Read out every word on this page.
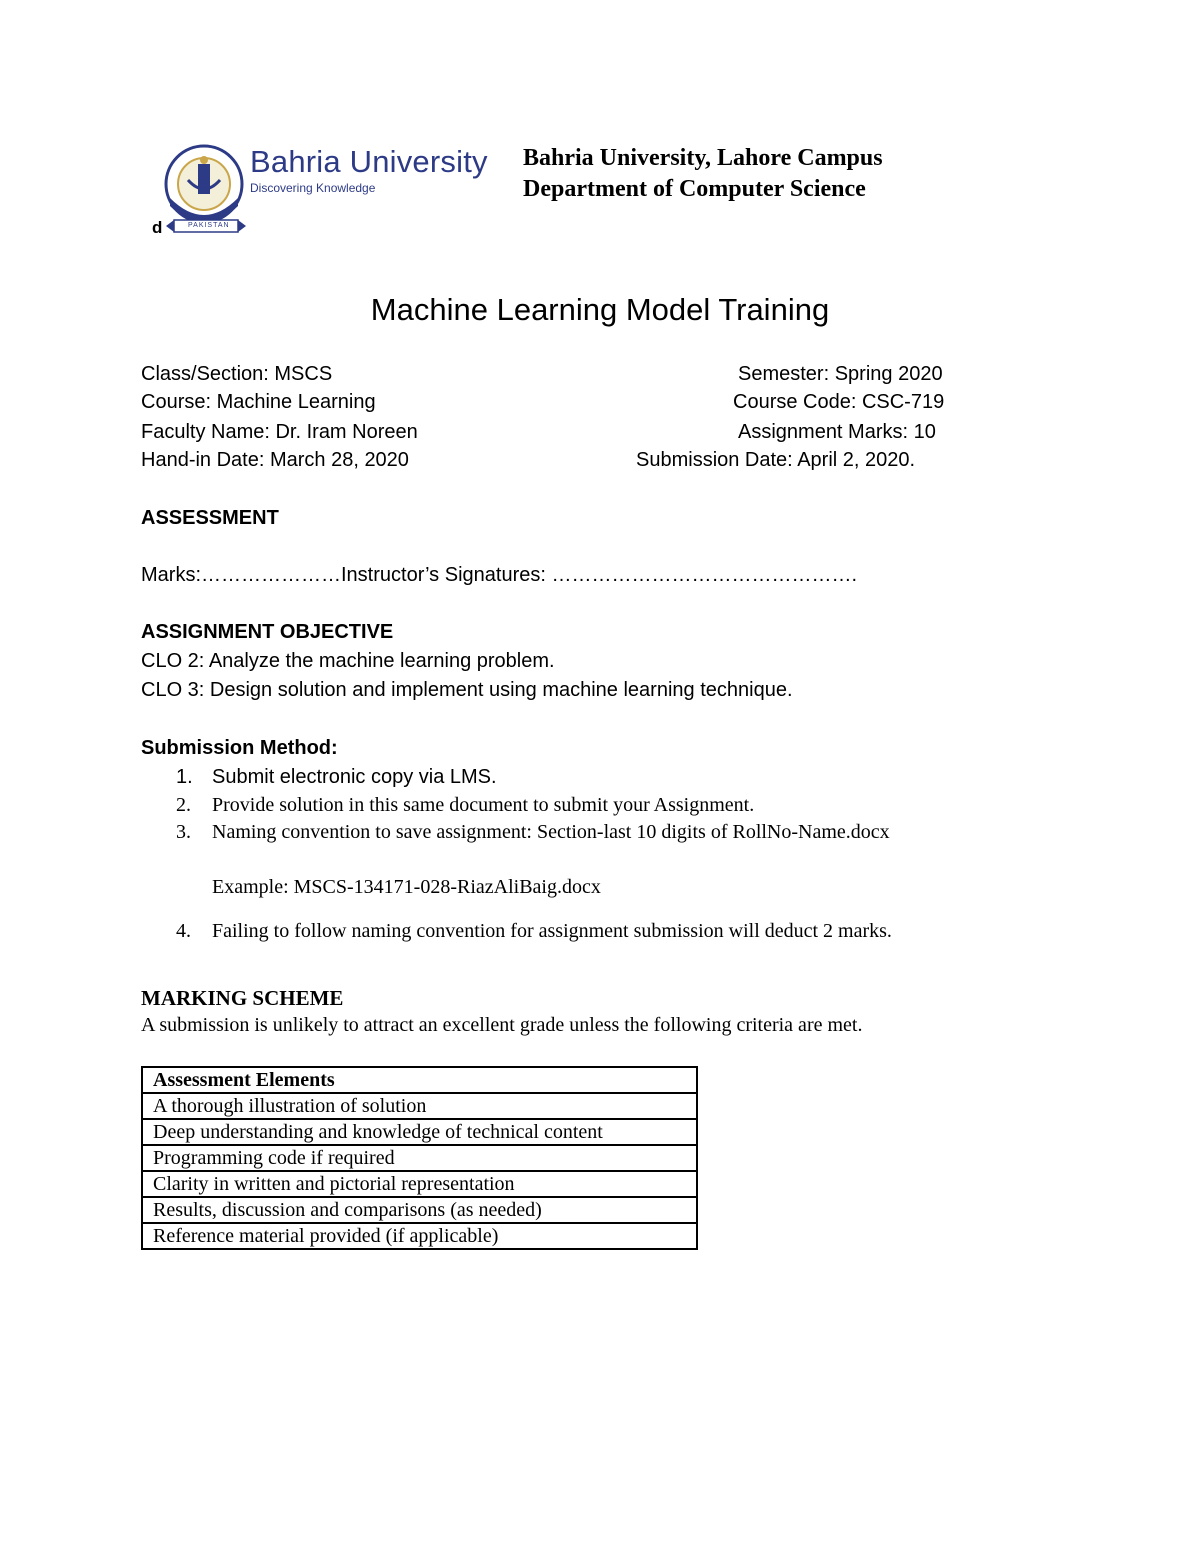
PAKISTAN
Bahria University
Discovering Knowledge
d
Bahria University, Lahore Campus
Department of Computer Science
Machine Learning Model Training
Class/Section: MSCS	Semester: Spring 2020
Course: Machine Learning	Course Code: CSC-719
Faculty Name: Dr. Iram Noreen	Assignment Marks: 10
Hand-in Date: March 28, 2020	Submission Date: April 2, 2020.
ASSESSMENT
Marks:…………………Instructor’s Signatures: ……………………………………….
ASSIGNMENT OBJECTIVE
CLO 2: Analyze the machine learning problem.
CLO 3: Design solution and implement using machine learning technique.
Submission Method:
1. Submit electronic copy via LMS.
2. Provide solution in this same document to submit your Assignment.
3. Naming convention to save assignment: Section-last 10 digits of RollNo-Name.docx
Example: MSCS-134171-028-RiazAliBaig.docx
4. Failing to follow naming convention for assignment submission will deduct 2 marks.
MARKING SCHEME
A submission is unlikely to attract an excellent grade unless the following criteria are met.
Assessment Elements
A thorough illustration of solution
Deep understanding and knowledge of technical content
Programming code if required
Clarity in written and pictorial representation
Results, discussion and comparisons (as needed)
Reference material provided (if applicable)
